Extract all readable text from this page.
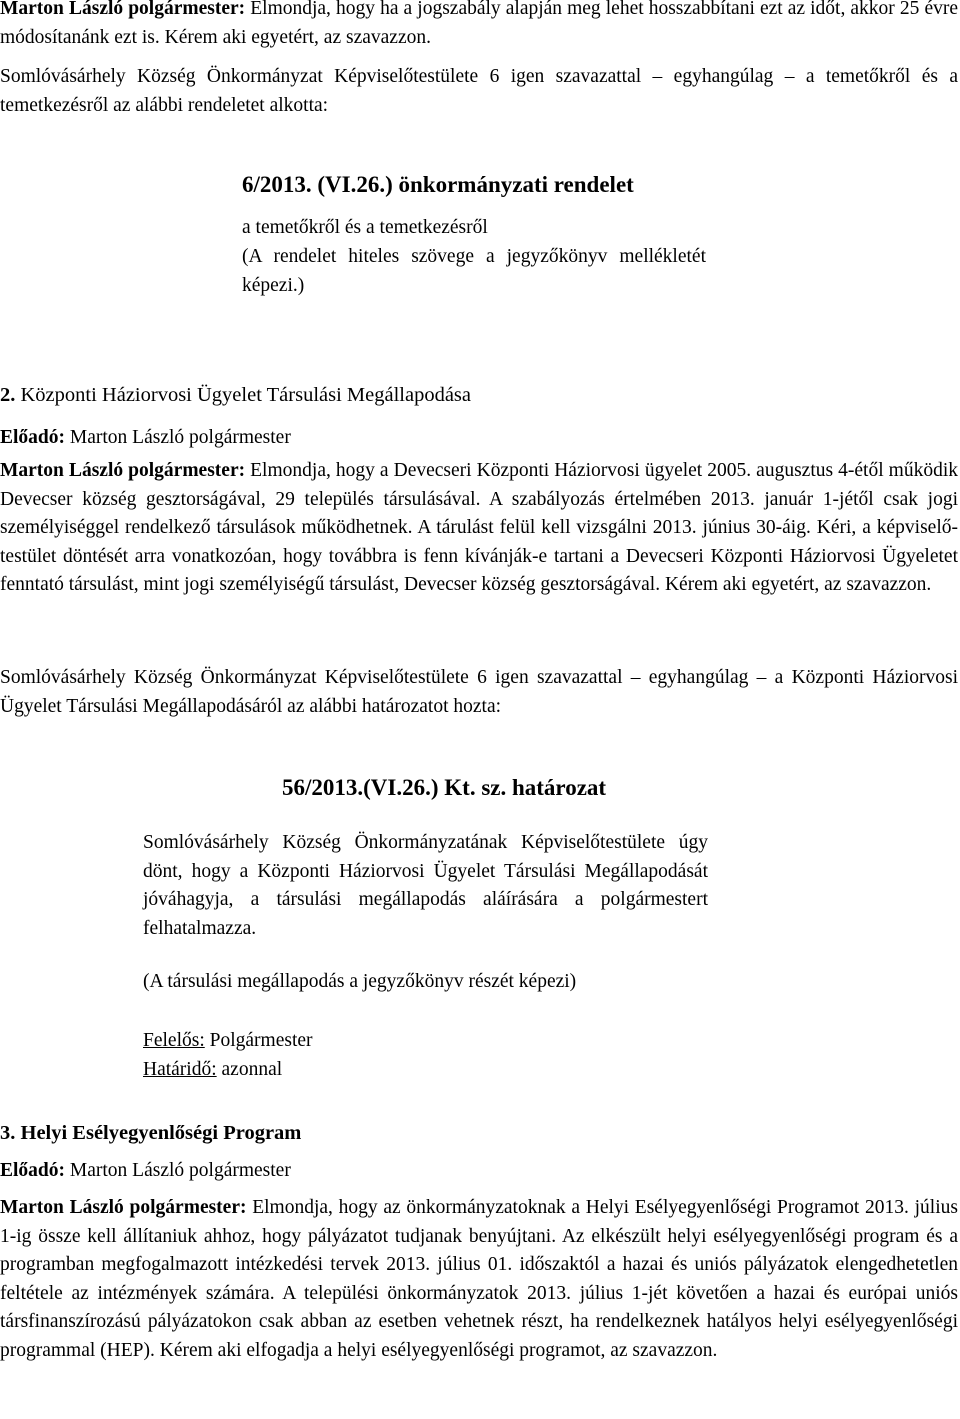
Marton László polgármester: Elmondja, hogy ha a jogszabály alapján meg lehet hosszabbítani ezt az időt, akkor 25 évre módosítanánk ezt is. Kérem aki egyetért, az szavazzon.

Somlóvásárhely Község Önkormányzat Képviselőtestülete 6 igen szavazattal – egyhangúlag – a temetőkről és a temetkezésről az alábbi rendeletet alkotta:

6/2013. (VI.26.) önkormányzati rendelet
a temetőkről és a temetkezésről

(A rendelet hiteles szövege a jegyzőkönyv mellékletét képezi.)

2. Központi Háziorvosi Ügyelet Társulási Megállapodása
Előadó: Marton László polgármester

Marton László polgármester: Elmondja, hogy a Devecseri Központi Háziorvosi ügyelet 2005. augusztus 4-étől működik Devecser község gesztorságával, 29 település társulásával. A szabályozás értelmében 2013. január 1-jétől csak jogi személyiséggel rendelkező társulások működhetnek. A tárulást felül kell vizsgálni 2013. június 30-áig. Kéri, a képviselő-testület döntését arra vonatkozóan, hogy továbbra is fenn kívánják-e tartani a Devecseri Központi Háziorvosi Ügyeletet fenntató társulást, mint jogi személyiségű társulást, Devecser község gesztorságával. Kérem aki egyetért, az szavazzon.

Somlóvásárhely Község Önkormányzat Képviselőtestülete 6 igen szavazattal – egyhangúlag – a Központi Háziorvosi Ügyelet Társulási Megállapodásáról az alábbi határozatot hozta:

56/2013.(VI.26.) Kt. sz. határozat

Somlóvásárhely Község Önkormányzatának Képviselőtestülete úgy dönt, hogy a Központi Háziorvosi Ügyelet Társulási Megállapodását jóváhagyja, a társulási megállapodás aláírására a polgármestert felhatalmazza.

(A társulási megállapodás a jegyzőkönyv részét képezi)
Felelős: Polgármester
Határidő: azonnal
3. Helyi Esélyegyenlőségi Program
Előadó: Marton László polgármester

Marton László polgármester: Elmondja, hogy az önkormányzatoknak a Helyi Esélyegyenlőségi Programot 2013. július 1-ig össze kell állítaniuk ahhoz, hogy pályázatot tudjanak benyújtani. Az elkészült helyi esélyegyenlőségi program és a programban megfogalmazott intézkedési tervek 2013. július 01. időszaktól a hazai és uniós pályázatok elengedhetetlen feltétele az intézmények számára. A települési önkormányzatok 2013. július 1-jét követően a hazai és európai uniós társfinanszírozású pályázatokon csak abban az esetben vehetnek részt, ha rendelkeznek hatályos helyi esélyegyenlőségi programmal (HEP). Kérem aki elfogadja a helyi esélyegyenlőségi programot, az szavazzon.
